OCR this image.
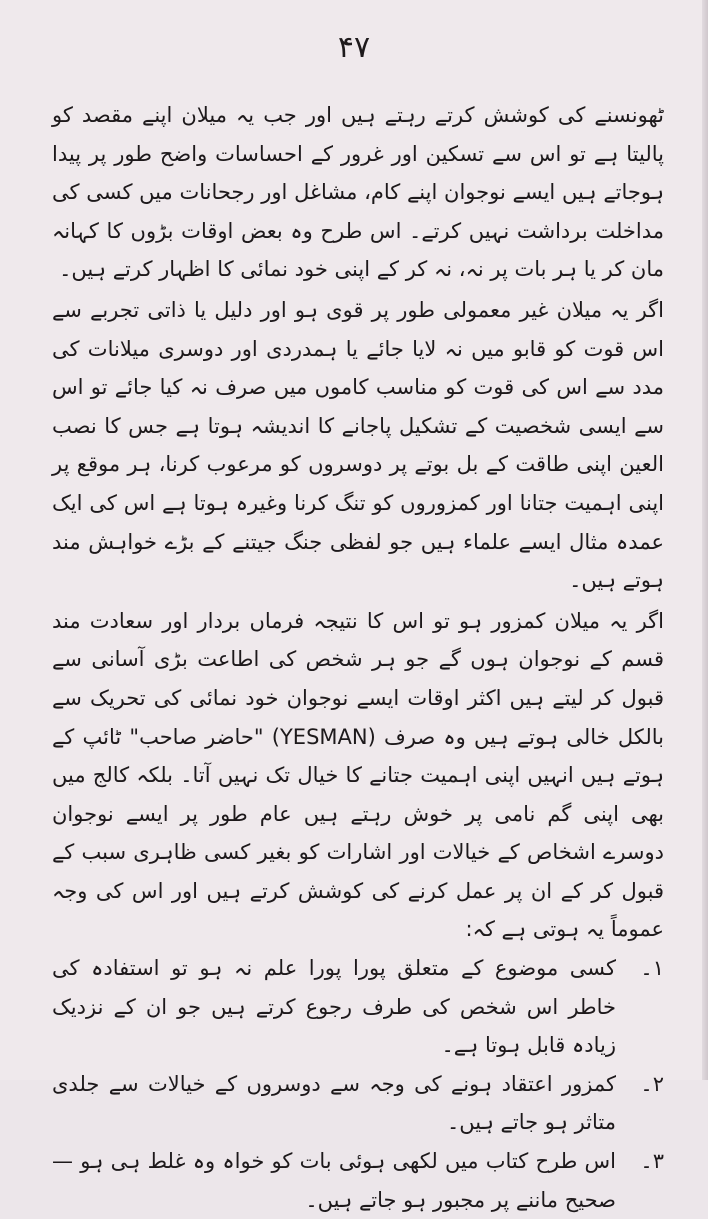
۴۷

ٹھونسنے کی کوشش کرتے رہتے ہیں اور جب یہ میلان اپنے مقصد کو پالیتا ہے تو اس سے تسکین اور غرور کے احساسات واضح طور پر پیدا ہوجاتے ہیں ایسے نوجوان اپنے کام، مشاغل اور رجحانات میں کسی کی مداخلت برداشت نہیں کرتے۔ اس طرح وہ بعض اوقات بڑوں کا کہانہ مان کر یا ہر بات پر نہ، نہ کر کے اپنی خود نمائی کا اظہار کرتے ہیں۔

اگر یہ میلان غیر معمولی طور پر قوی ہو اور دلیل یا ذاتی تجربے سے اس قوت کو قابو میں نہ لایا جائے یا ہمدردی اور دوسری میلانات کی مدد سے اس کی قوت کو مناسب کاموں میں صرف نہ کیا جائے تو اس سے ایسی شخصیت کے تشکیل پاجانے کا اندیشہ ہوتا ہے جس کا نصب العین اپنی طاقت کے بل بوتے پر دوسروں کو مرعوب کرنا، ہر موقع پر اپنی اہمیت جتانا اور کمزوروں کو تنگ کرنا وغیرہ ہوتا ہے اس کی ایک عمدہ مثال ایسے علماء ہیں جو لفظی جنگ جیتنے کے بڑے خواہش مند ہوتے ہیں۔

اگر یہ میلان کمزور ہو تو اس کا نتیجہ فرماں بردار اور سعادت مند قسم کے نوجوان ہوں گے جو ہر شخص کی اطاعت بڑی آسانی سے قبول کر لیتے ہیں اکثر اوقات ایسے نوجوان خود نمائی کی تحریک سے بالکل خالی ہوتے ہیں وہ صرف (YESMAN) "حاضر صاحب" ٹائپ کے ہوتے ہیں انہیں اپنی اہمیت جتانے کا خیال تک نہیں آتا۔ بلکہ کالج میں بھی اپنی گم نامی پر خوش رہتے ہیں عام طور پر ایسے نوجوان دوسرے اشخاص کے خیالات اور اشارات کو بغیر کسی ظاہری سبب کے قبول کر کے ان پر عمل کرنے کی کوشش کرتے ہیں اور اس کی وجہ عموماً یہ ہوتی ہے کہ:

۱۔
کسی موضوع کے متعلق پورا پورا علم نہ ہو تو استفادہ کی خاطر اس شخص کی طرف رجوع کرتے ہیں جو ان کے نزدیک زیادہ قابل ہوتا ہے۔
۲۔
کمزور اعتقاد ہونے کی وجہ سے دوسروں کے خیالات سے جلدی متاثر ہو جاتے ہیں۔
۳۔
اس طرح کتاب میں لکھی ہوئی بات کو خواہ وہ غلط ہی ہو — صحیح ماننے پر مجبور ہو جاتے ہیں۔
